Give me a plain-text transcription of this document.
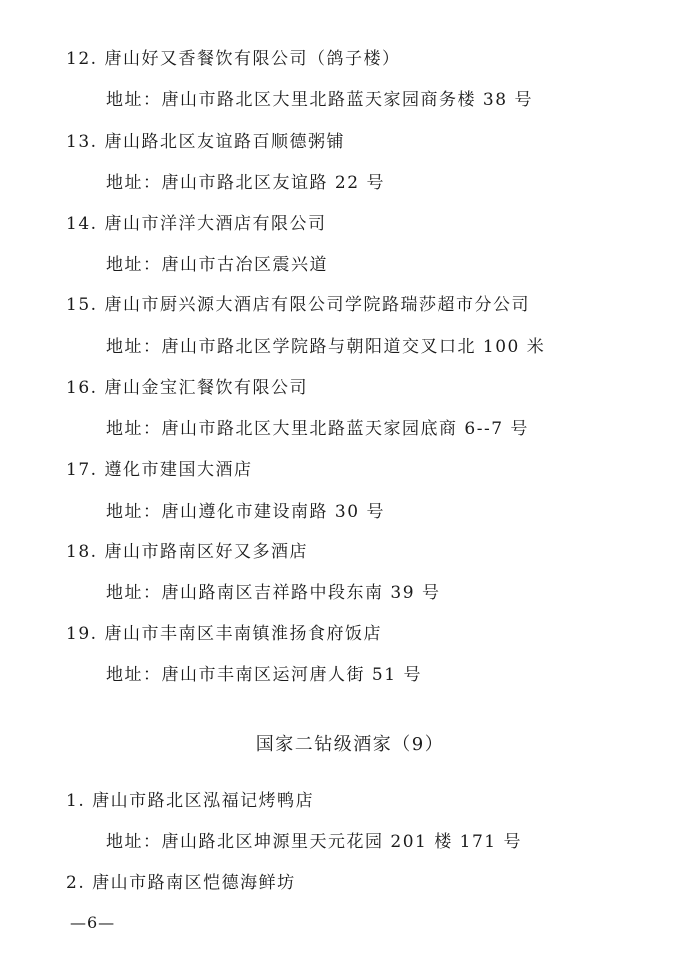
12. 唐山好又香餐饮有限公司（鸽子楼）
地址：唐山市路北区大里北路蓝天家园商务楼 38 号
13. 唐山路北区友谊路百顺德粥铺
地址：唐山市路北区友谊路 22 号
14. 唐山市洋洋大酒店有限公司
地址：唐山市古冶区震兴道
15. 唐山市厨兴源大酒店有限公司学院路瑞莎超市分公司
地址：唐山市路北区学院路与朝阳道交叉口北 100 米
16. 唐山金宝汇餐饮有限公司
地址：唐山市路北区大里北路蓝天家园底商 6--7 号
17. 遵化市建国大酒店
地址：唐山遵化市建设南路 30 号
18. 唐山市路南区好又多酒店
地址：唐山路南区吉祥路中段东南 39 号
19. 唐山市丰南区丰南镇淮扬食府饭店
地址：唐山市丰南区运河唐人街 51 号
国家二钻级酒家（9）
1. 唐山市路北区泓福记烤鸭店
地址：唐山路北区坤源里天元花园 201 楼 171 号
2. 唐山市路南区恺德海鲜坊
—6—
